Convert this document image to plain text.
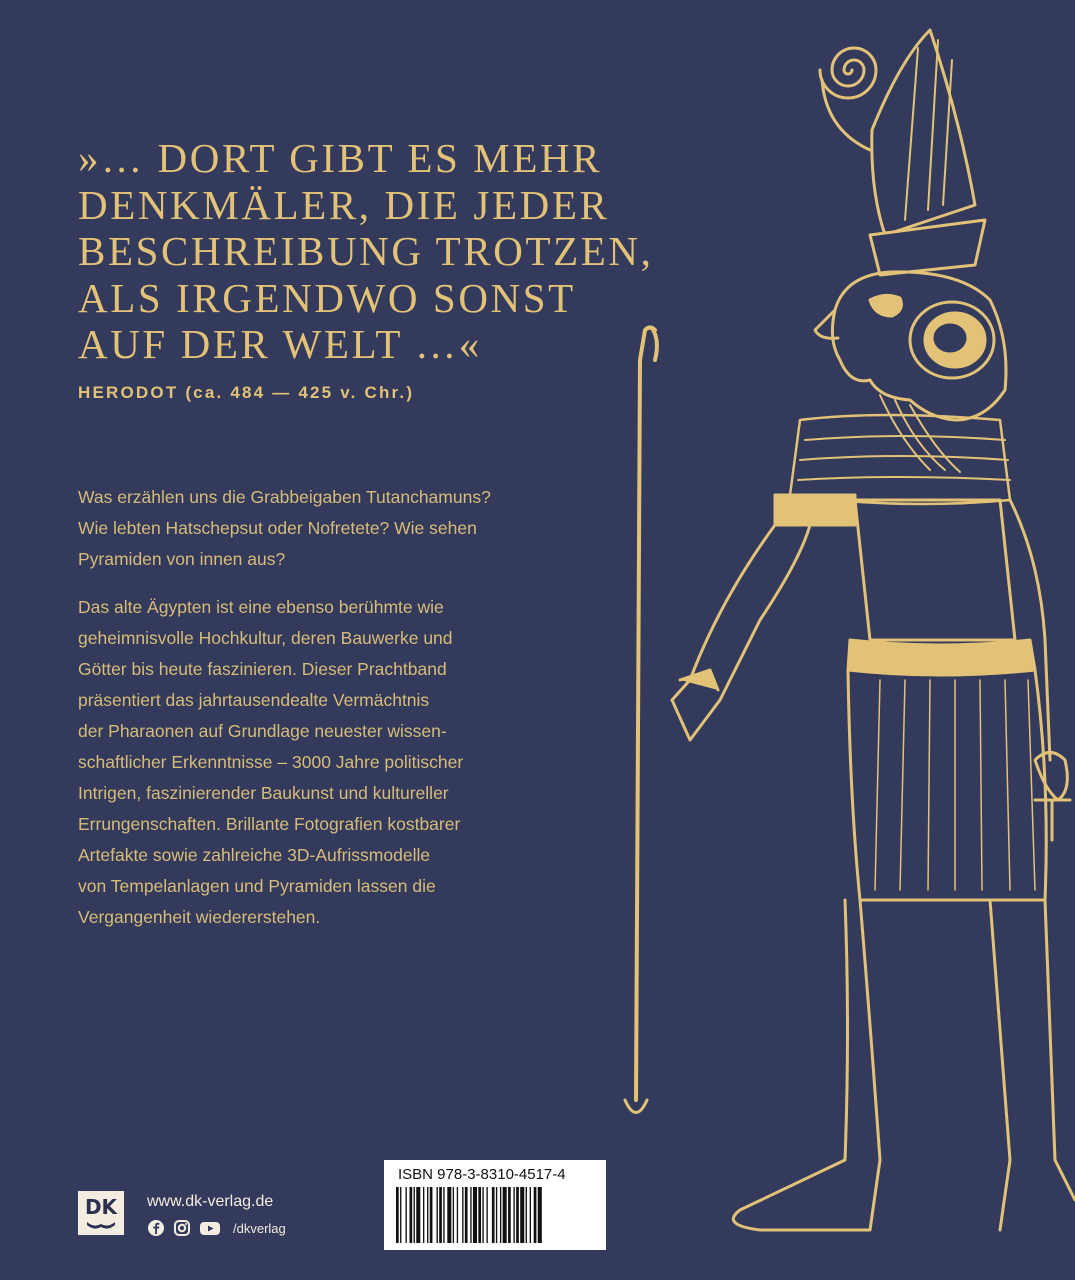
»… DORT GIBT ES MEHR
DENKMÄLER, DIE JEDER
BESCHREIBUNG TROTZEN,
ALS IRGENDWO SONST
AUF DER WELT …«
HERODOT (ca. 484 — 425 v. Chr.)

Was erzählen uns die Grabbeigaben Tutanchamuns?
Wie lebten Hatschepsut oder Nofretete? Wie sehen
Pyramiden von innen aus?

Das alte Ägypten ist eine ebenso berühmte wie
geheimnisvolle Hochkultur, deren Bauwerke und
Götter bis heute faszinieren. Dieser Prachtband
präsentiert das jahrtausendealte Vermächtnis
der Pharaonen auf Grundlage neuester wissen-
schaftlicher Erkenntnisse – 3000 Jahre politischer
Intrigen, faszinierender Baukunst und kultureller
Errungenschaften. Brillante Fotografien kostbarer
Artefakte sowie zahlreiche 3D-Aufrissmodelle
von Tempelanlagen und Pyramiden lassen die
Vergangenheit wiedererstehen.

DK	www.dk-verlag.de
/dkverlag
ISBN 978-3-8310-4517-4
